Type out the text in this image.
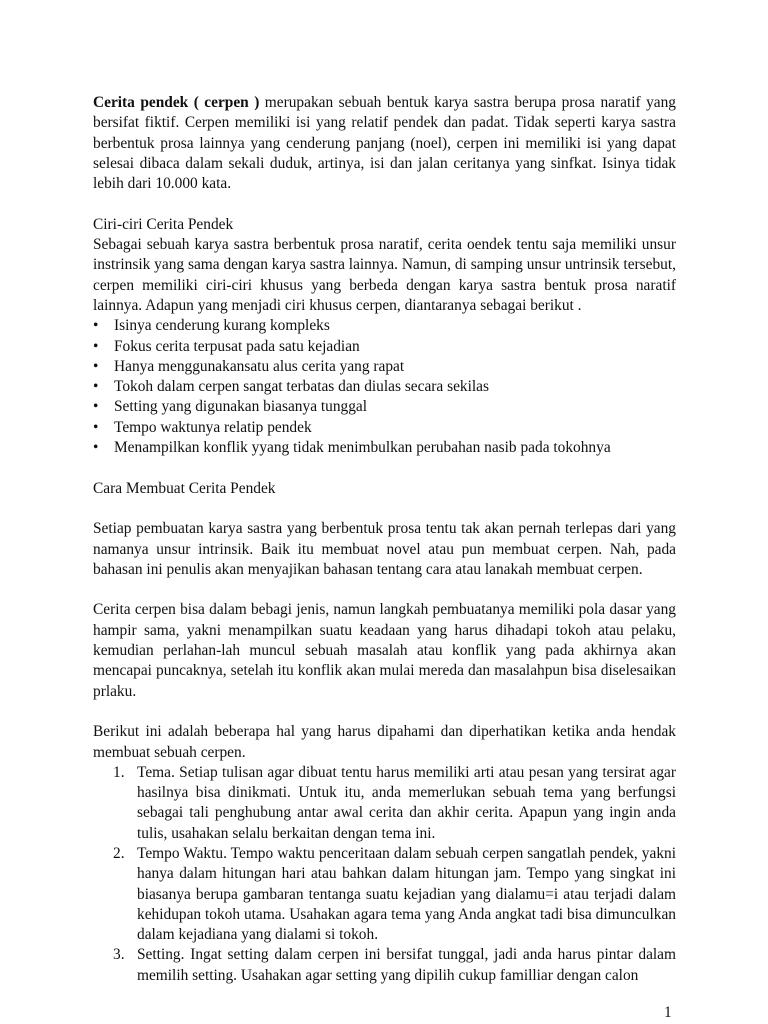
Cerita pendek ( cerpen ) merupakan sebuah bentuk karya sastra berupa prosa naratif yang bersifat fiktif. Cerpen memiliki isi yang relatif pendek dan padat. Tidak seperti karya sastra berbentuk prosa lainnya yang cenderung panjang (noel), cerpen ini memiliki isi yang dapat selesai dibaca dalam sekali duduk, artinya, isi dan jalan ceritanya yang sinfkat. Isinya tidak lebih dari 10.000 kata.

Ciri-ciri Cerita Pendek

Sebagai sebuah karya sastra berbentuk prosa naratif, cerita oendek tentu saja memiliki unsur instrinsik yang sama dengan karya sastra lainnya. Namun, di samping unsur untrinsik tersebut, cerpen memiliki ciri-ciri khusus yang berbeda dengan karya sastra bentuk prosa naratif lainnya. Adapun yang menjadi ciri khusus cerpen, diantaranya sebagai berikut .

• Isinya cenderung kurang kompleks
• Fokus cerita terpusat pada satu kejadian
• Hanya menggunakansatu alus cerita yang rapat
• Tokoh dalam cerpen sangat terbatas dan diulas secara sekilas
• Setting yang digunakan biasanya tunggal
• Tempo waktunya relatip pendek
• Menampilkan konflik yyang tidak menimbulkan perubahan nasib pada tokohnya
Cara Membuat Cerita Pendek

Setiap pembuatan karya sastra yang berbentuk prosa tentu tak akan pernah terlepas dari yang namanya unsur intrinsik. Baik itu membuat novel atau pun membuat cerpen. Nah, pada bahasan ini penulis akan menyajikan bahasan tentang cara atau lanakah membuat cerpen.

Cerita cerpen bisa dalam bebagi jenis, namun langkah pembuatanya memiliki pola dasar yang hampir sama, yakni menampilkan suatu keadaan yang harus dihadapi tokoh atau pelaku, kemudian perlahan-lah muncul sebuah masalah atau konflik yang pada akhirnya akan mencapai puncaknya, setelah itu konflik akan mulai mereda dan masalahpun bisa diselesaikan prlaku.

Berikut ini adalah beberapa hal yang harus dipahami dan diperhatikan ketika anda hendak membuat sebuah cerpen.

1. Tema. Setiap tulisan agar dibuat tentu harus memiliki arti atau pesan yang tersirat agar hasilnya bisa dinikmati. Untuk itu, anda memerlukan sebuah tema yang berfungsi sebagai tali penghubung antar awal cerita dan akhir cerita. Apapun yang ingin anda tulis, usahakan selalu berkaitan dengan tema ini.
2. Tempo Waktu. Tempo waktu penceritaan dalam sebuah cerpen sangatlah pendek, yakni hanya dalam hitungan hari atau bahkan dalam hitungan jam. Tempo yang singkat ini biasanya berupa gambaran tentanga suatu kejadian yang dialamu=i atau terjadi dalam kehidupan tokoh utama. Usahakan agara tema yang Anda angkat tadi bisa dimunculkan dalam kejadiana yang dialami si tokoh.
3. Setting. Ingat setting dalam cerpen ini bersifat tunggal, jadi anda harus pintar dalam memilih setting. Usahakan agar setting yang dipilih cukup familliar dengan calon
1
